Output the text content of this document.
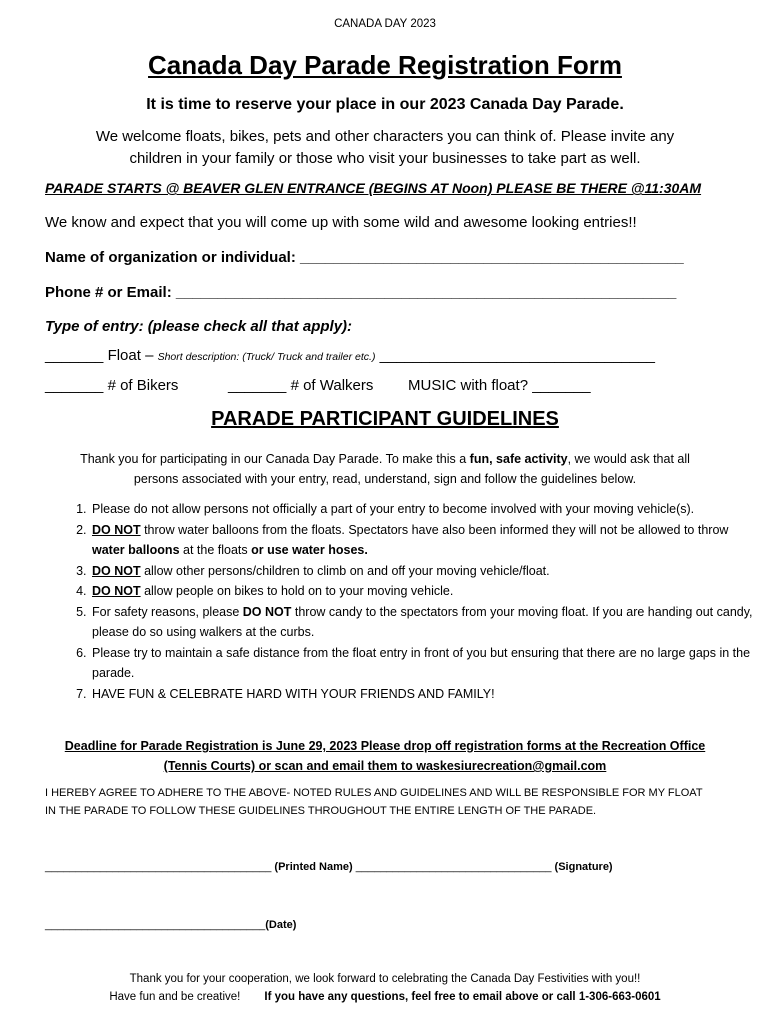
CANADA DAY 2023
Canada Day Parade Registration Form
It is time to reserve your place in our 2023 Canada Day Parade.
We welcome floats, bikes, pets and other characters you can think of. Please invite any
children in your family or those who visit your businesses to take part as well.
PARADE STARTS @ BEAVER GLEN ENTRANCE (BEGINS AT Noon) PLEASE BE THERE @11:30AM
We know and expect that you will come up with some wild and awesome looking entries!!
Name of organization or individual: ______________________________________________
Phone # or Email: ____________________________________________________________
Type of entry: (please check all that apply):
_______ Float – Short description: (Truck/ Truck and trailer etc.) _________________________________
_______ # of Bikers	_______ # of Walkers MUSIC with float? _______
PARADE PARTICIPANT GUIDELINES
Thank you for participating in our Canada Day Parade. To make this a fun, safe activity, we would ask that all
persons associated with your entry, read, understand, sign and follow the guidelines below.
1. Please do not allow persons not officially a part of your entry to become involved with your moving vehicle(s).
2. DO NOT throw water balloons from the floats. Spectators have also been informed they will not be allowed to throw water balloons at the floats or use water hoses.
3. DO NOT allow other persons/children to climb on and off your moving vehicle/float.
4. DO NOT allow people on bikes to hold on to your moving vehicle.
5. For safety reasons, please DO NOT throw candy to the spectators from your moving float. If you are handing out candy, please do so using walkers at the curbs.
6. Please try to maintain a safe distance from the float entry in front of you but ensuring that there are no large gaps in the parade.
7. HAVE FUN & CELEBRATE HARD WITH YOUR FRIENDS AND FAMILY!
Deadline for Parade Registration is June 29, 2023 Please drop off registration forms at the Recreation Office
(Tennis Courts) or scan and email them to waskesiurecreation@gmail.com
I HEREBY AGREE TO ADHERE TO THE ABOVE- NOTED RULES AND GUIDELINES AND WILL BE RESPONSIBLE FOR MY FLOAT
IN THE PARADE TO FOLLOW THESE GUIDELINES THROUGHOUT THE ENTIRE LENGTH OF THE PARADE.
_____________________________________ (Printed Name) ________________________________ (Signature)
____________________________________(Date)
Thank you for your cooperation, we look forward to celebrating the Canada Day Festivities with you!!
Have fun and be creative! If you have any questions, feel free to email above or call 1-306-663-0601
